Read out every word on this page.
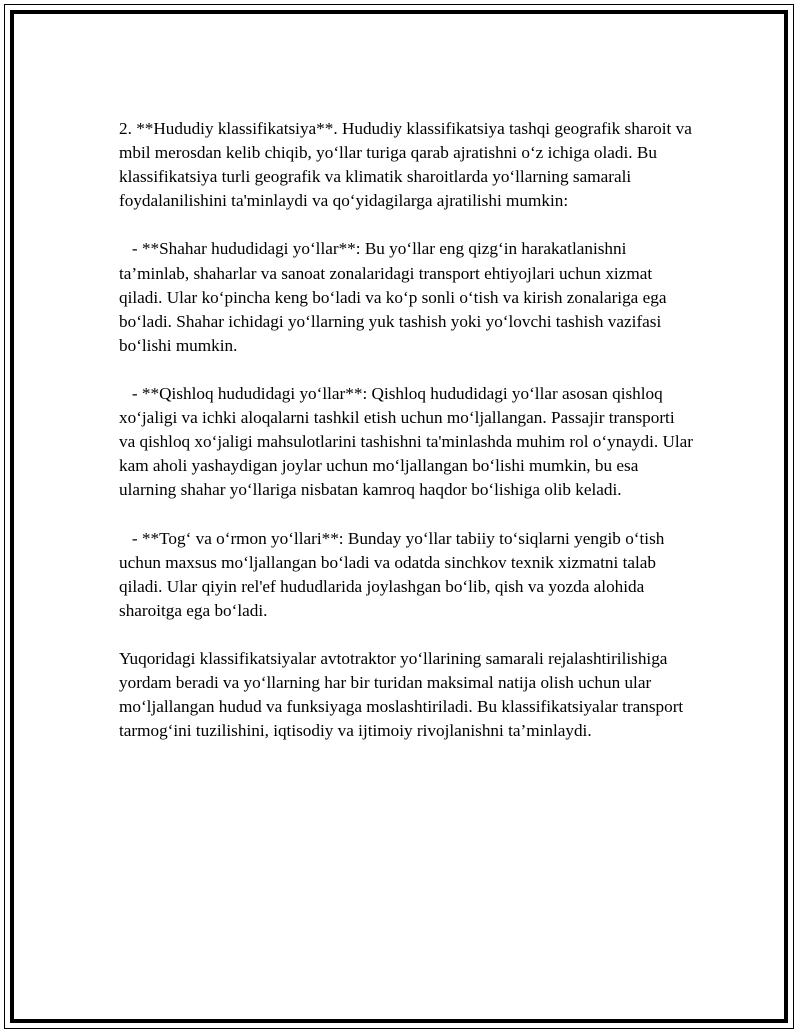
2. **Hududiy klassifikatsiya**. Hududiy klassifikatsiya tashqi geografik sharoit va mbil merosdan kelib chiqib, yo‘llar turiga qarab ajratishni o‘z ichiga oladi. Bu klassifikatsiya turli geografik va klimatik sharoitlarda yo‘llarning samarali foydalanilishini ta'minlaydi va qo‘yidagilarga ajratilishi mumkin:

- **Shahar hududidagi yo‘llar**: Bu yo‘llar eng qizg‘in harakatlanishni ta’minlab, shaharlar va sanoat zonalaridagi transport ehtiyojlari uchun xizmat qiladi. Ular ko‘pincha keng bo‘ladi va ko‘p sonli o‘tish va kirish zonalariga ega bo‘ladi. Shahar ichidagi yo‘llarning yuk tashish yoki yo‘lovchi tashish vazifasi bo‘lishi mumkin.

- **Qishloq hududidagi yo‘llar**: Qishloq hududidagi yo‘llar asosan qishloq xo‘jaligi va ichki aloqalarni tashkil etish uchun mo‘ljallangan. Passajir transporti va qishloq xo‘jaligi mahsulotlarini tashishni ta'minlashda muhim rol o‘ynaydi. Ular kam aholi yashaydigan joylar uchun mo‘ljallangan bo‘lishi mumkin, bu esa ularning shahar yo‘llariga nisbatan kamroq haqdor bo‘lishiga olib keladi.

- **Tog‘ va o‘rmon yo‘llari**: Bunday yo‘llar tabiiy to‘siqlarni yengib o‘tish uchun maxsus mo‘ljallangan bo‘ladi va odatda sinchkov texnik xizmatni talab qiladi. Ular qiyin rel'ef hududlarida joylashgan bo‘lib, qish va yozda alohida sharoitga ega bo‘ladi.

Yuqoridagi klassifikatsiyalar avtotraktor yo‘llarining samarali rejalashtirilishiga yordam beradi va yo‘llarning har bir turidan maksimal natija olish uchun ular mo‘ljallangan hudud va funksiyaga moslashtiriladi. Bu klassifikatsiyalar transport tarmog‘ini tuzilishini, iqtisodiy va ijtimoiy rivojlanishni ta’minlaydi.
